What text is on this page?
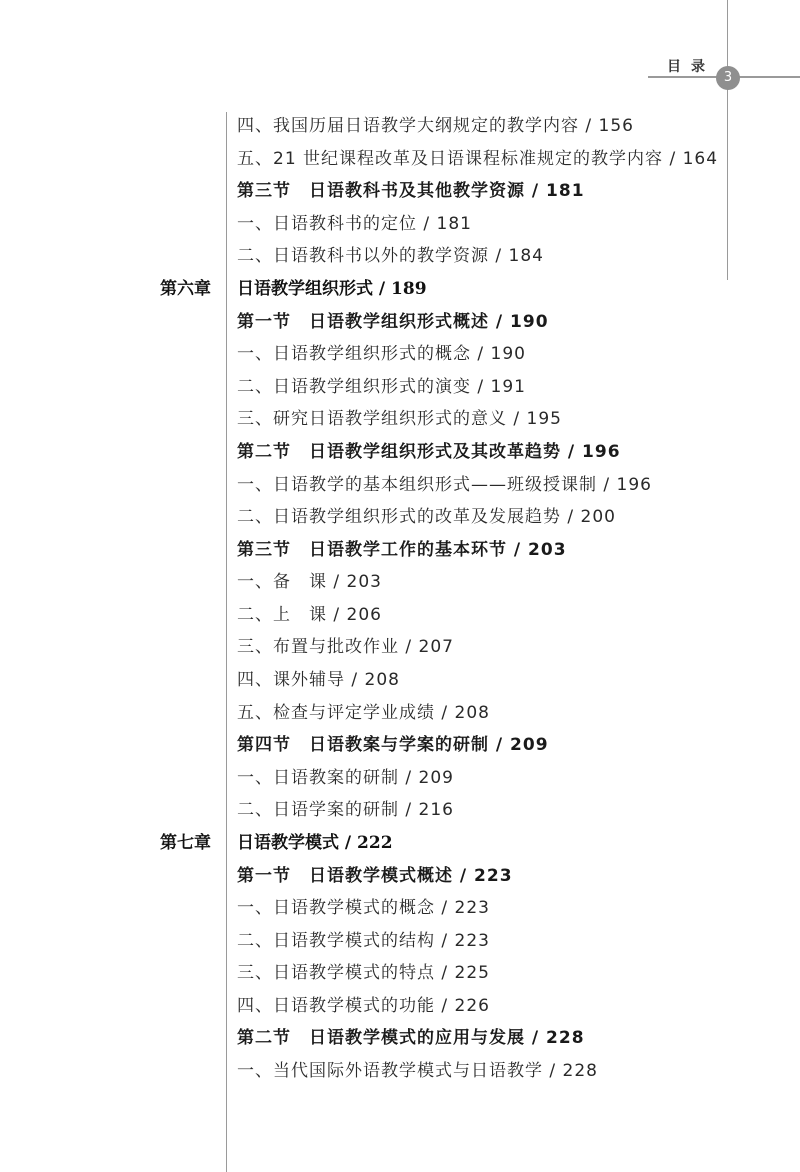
目录
3
四、我国历届日语教学大纲规定的教学内容 / 156
五、21 世纪课程改革及日语课程标准规定的教学内容 / 164
第三节　日语教科书及其他教学资源 / 181
一、日语教科书的定位 / 181
二、日语教科书以外的教学资源 / 184
第六章 日语教学组织形式 / 189
第一节　日语教学组织形式概述 / 190
一、日语教学组织形式的概念 / 190
二、日语教学组织形式的演变 / 191
三、研究日语教学组织形式的意义 / 195
第二节　日语教学组织形式及其改革趋势 / 196
一、日语教学的基本组织形式——班级授课制 / 196
二、日语教学组织形式的改革及发展趋势 / 200
第三节　日语教学工作的基本环节 / 203
一、备　课 / 203
二、上　课 / 206
三、布置与批改作业 / 207
四、课外辅导 / 208
五、检查与评定学业成绩 / 208
第四节　日语教案与学案的研制 / 209
一、日语教案的研制 / 209
二、日语学案的研制 / 216
第七章 日语教学模式 / 222
第一节　日语教学模式概述 / 223
一、日语教学模式的概念 / 223
二、日语教学模式的结构 / 223
三、日语教学模式的特点 / 225
四、日语教学模式的功能 / 226
第二节　日语教学模式的应用与发展 / 228
一、当代国际外语教学模式与日语教学 / 228
